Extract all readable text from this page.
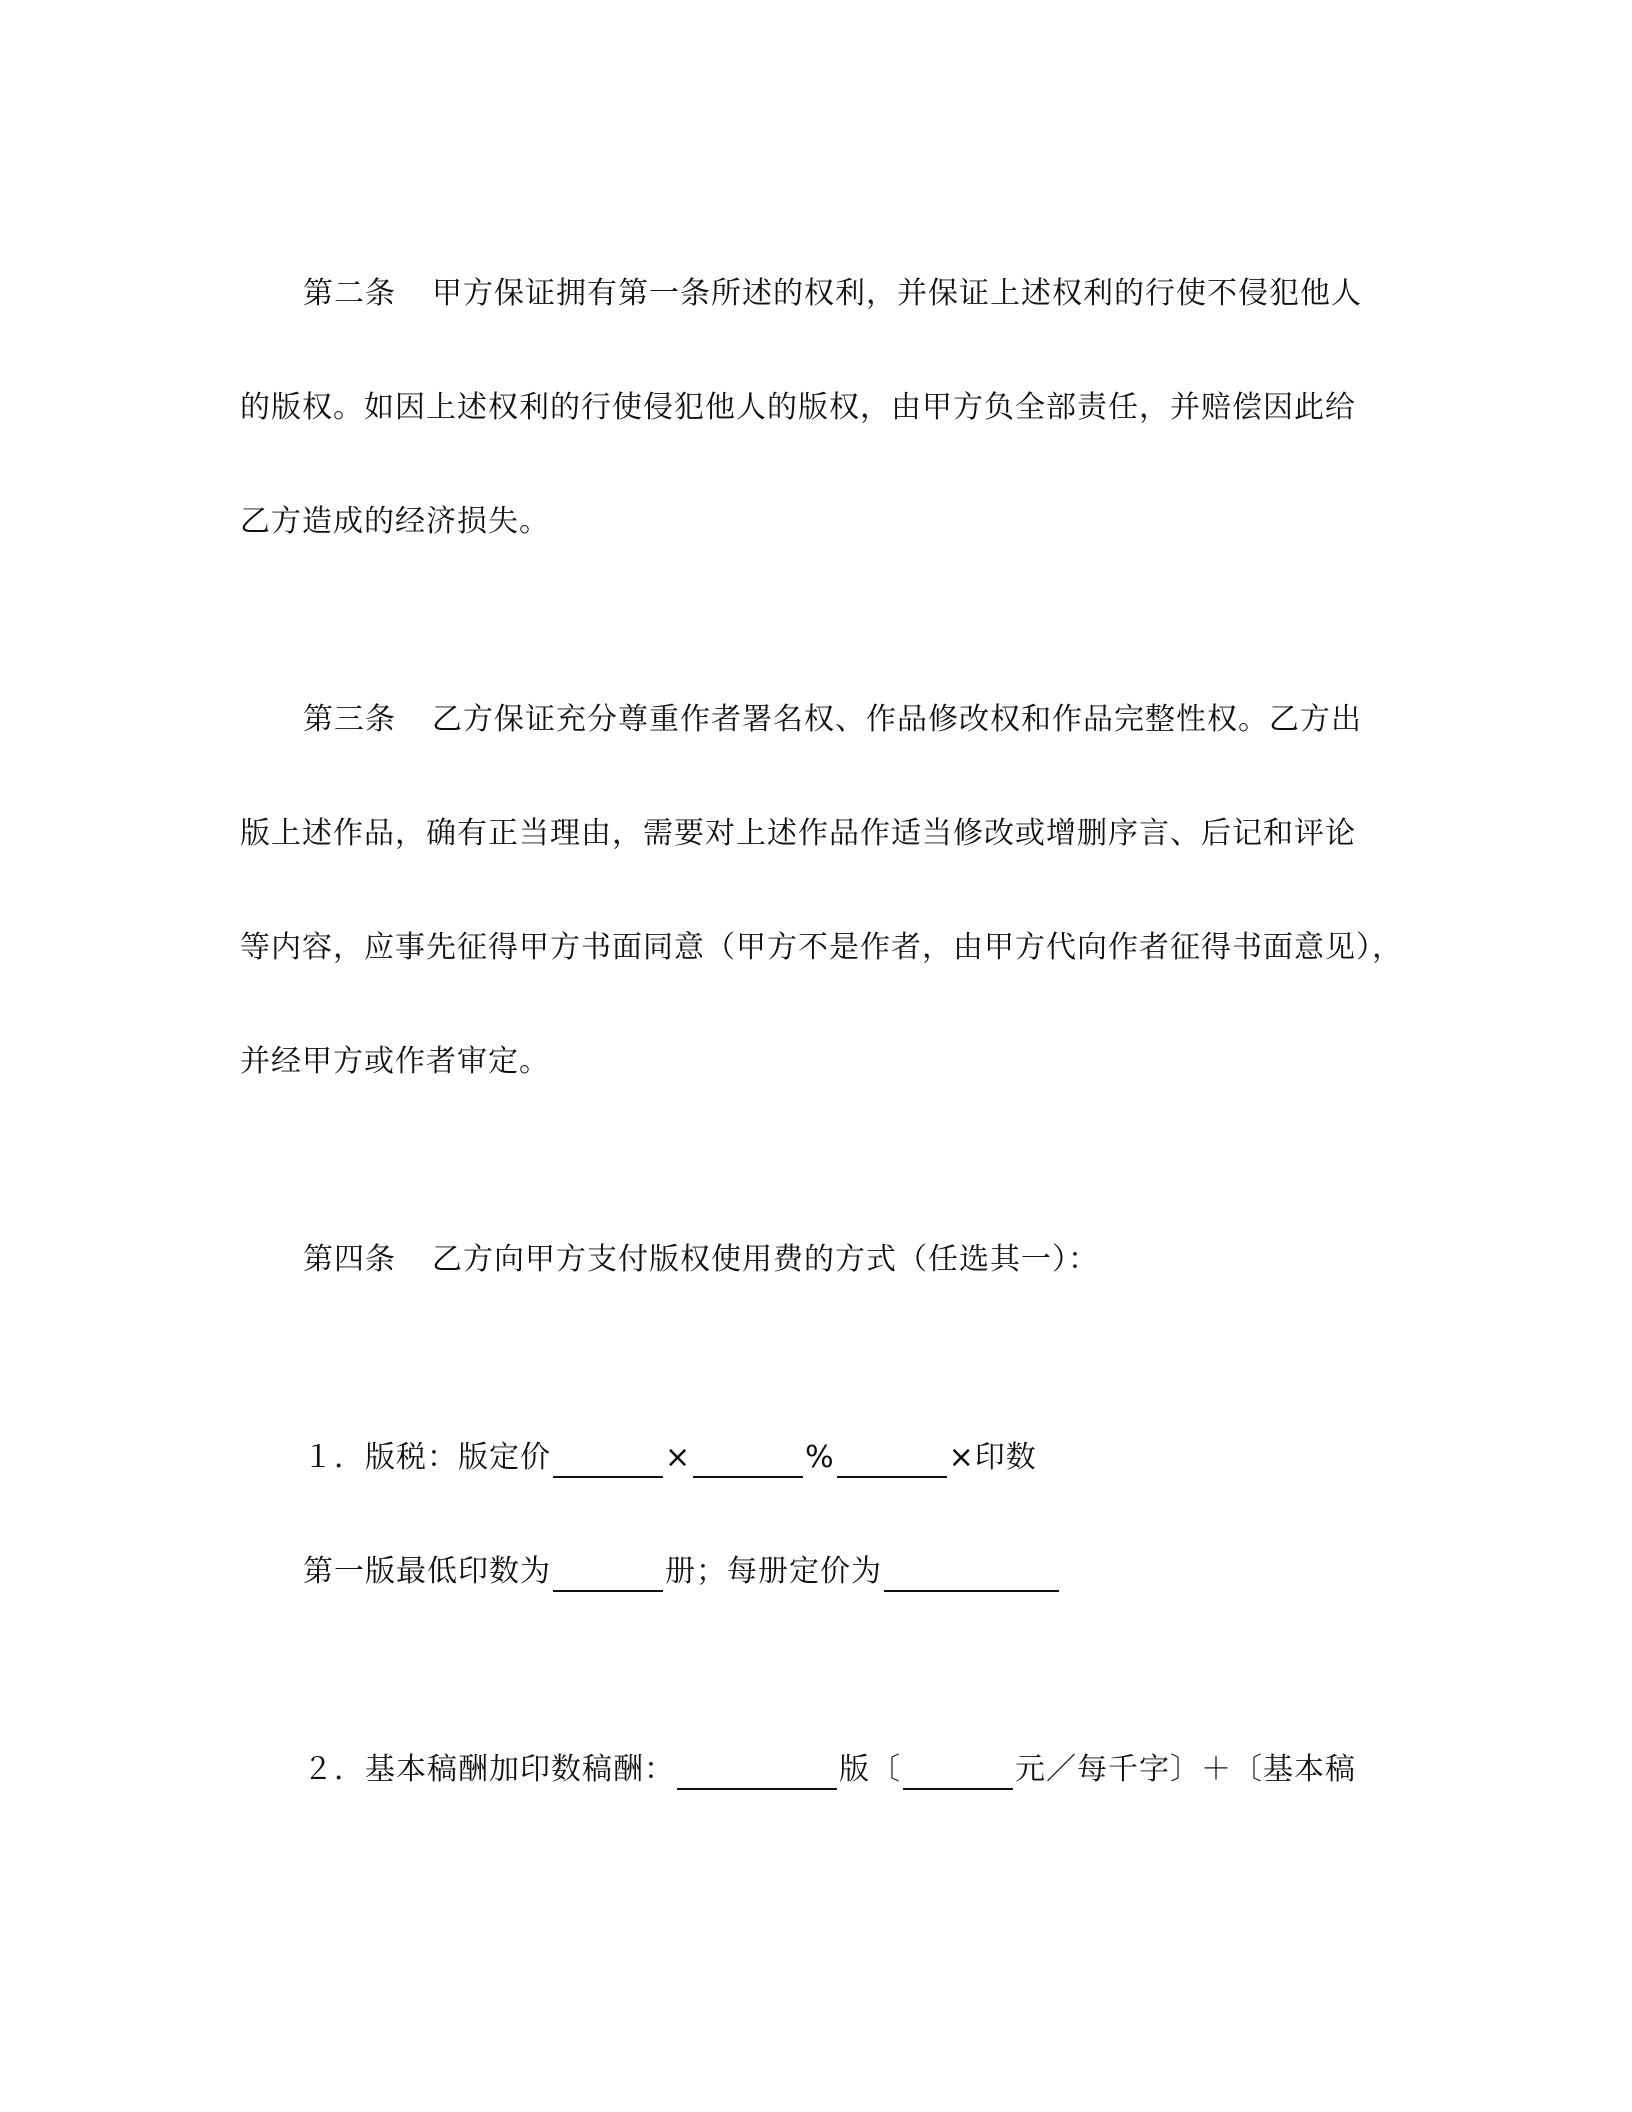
第二条 甲方保证拥有第一条所述的权利，并保证上述权利的行使不侵犯他人
的版权。如因上述权利的行使侵犯他人的版权，由甲方负全部责任，并赔偿因此给
乙方造成的经济损失。
第三条 乙方保证充分尊重作者署名权、作品修改权和作品完整性权。乙方出
版上述作品，确有正当理由，需要对上述作品作适当修改或增删序言、后记和评论
等内容，应事先征得甲方书面同意（甲方不是作者，由甲方代向作者征得书面意见），
并经甲方或作者审定。
第四条 乙方向甲方支付版权使用费的方式（任选其一）：
１．版税：版定价	×	%	×印数
第一版最低印数为	册；每册定价为
２．基本稿酬加印数稿酬：	版〔	元／每千字〕＋〔基本稿
